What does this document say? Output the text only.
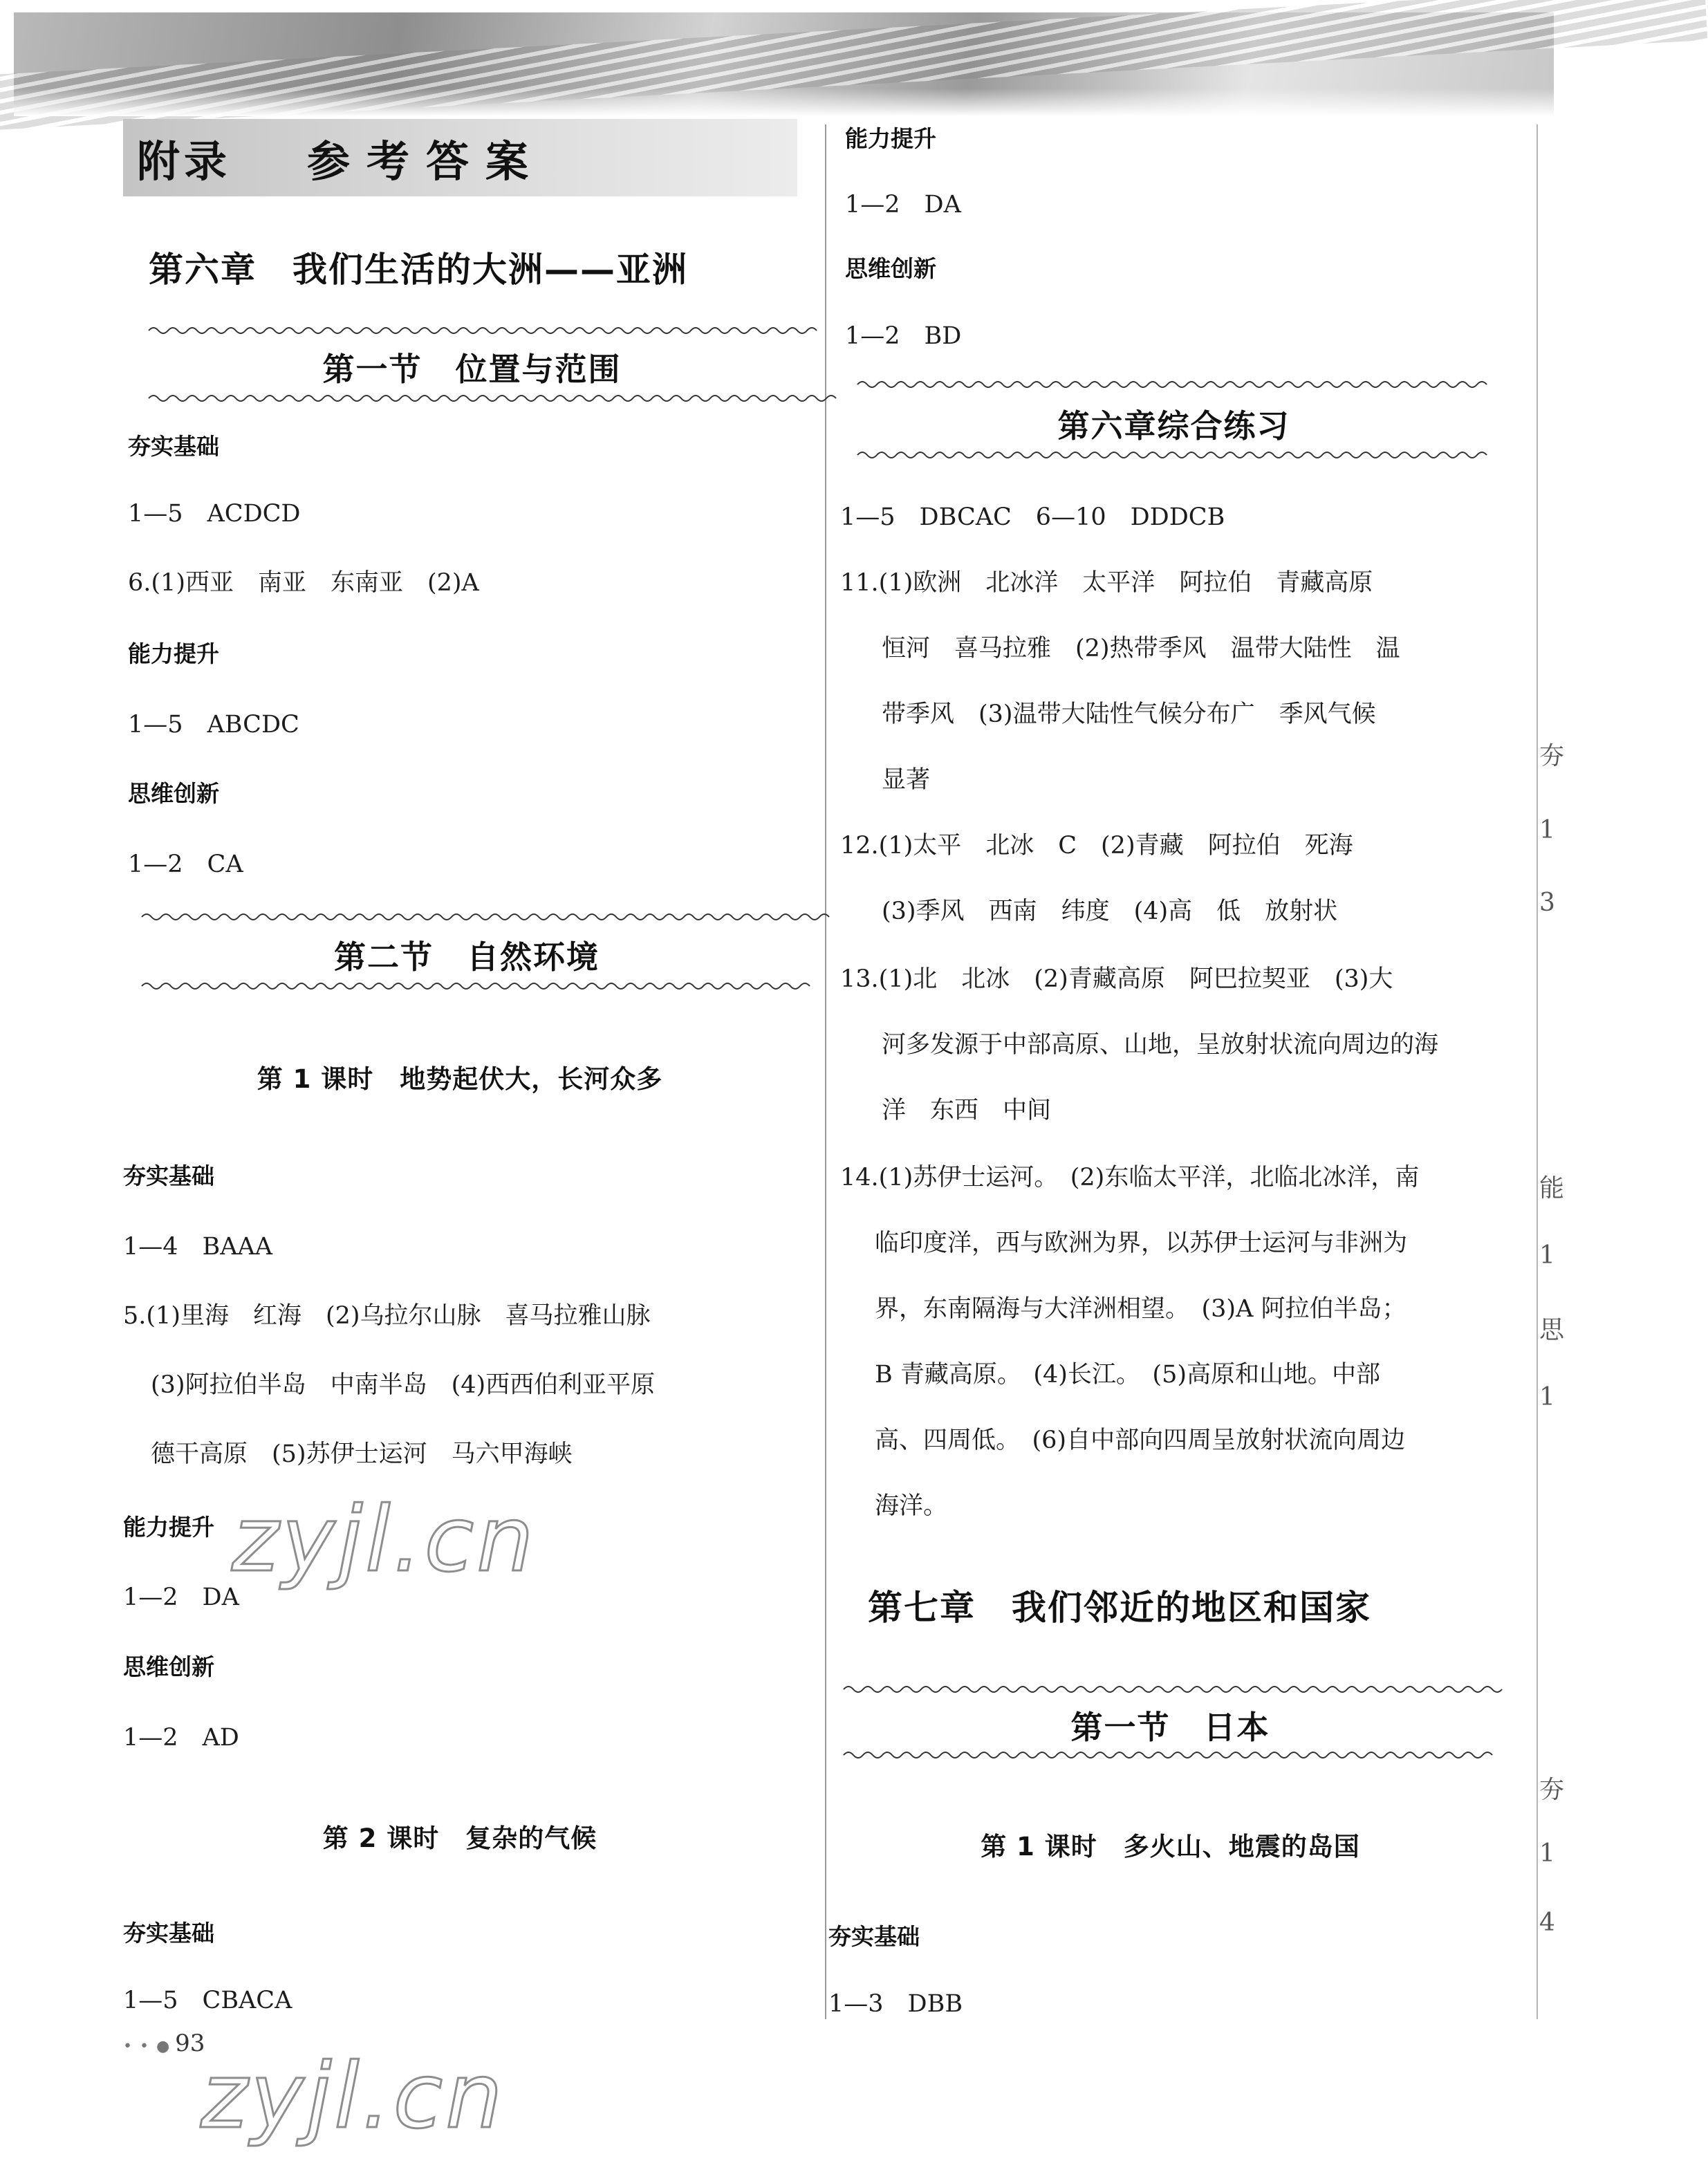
附录 参考答案
第六章　我们生活的大洲——亚洲
第一节　位置与范围
夯实基础
1—5　ACDCD
6.(1)西亚　南亚　东南亚　(2)A
能力提升
1—5　ABCDC
思维创新
1—2　CA
第二节　自然环境
第 1 课时　地势起伏大，长河众多
夯实基础
1—4　BAAA
5.(1)里海　红海　(2)乌拉尔山脉　喜马拉雅山脉
(3)阿拉伯半岛　中南半岛　(4)西西伯利亚平原
德干高原　(5)苏伊士运河　马六甲海峡
能力提升
1—2　DA
思维创新
1—2　AD
第 2 课时　复杂的气候
夯实基础
1—5　CBACA
• • ● 93
zyjl.cn
zyjl.cn
能力提升
1—2　DA
思维创新
1—2　BD
第六章综合练习
1—5　DBCAC　6—10　DDDCB
11.(1)欧洲　北冰洋　太平洋　阿拉伯　青藏高原
恒河　喜马拉雅　(2)热带季风　温带大陆性　温
带季风　(3)温带大陆性气候分布广　季风气候
显著
12.(1)太平　北冰　C　(2)青藏　阿拉伯　死海
(3)季风　西南　纬度　(4)高　低　放射状
13.(1)北　北冰　(2)青藏高原　阿巴拉契亚　(3)大
河多发源于中部高原、山地，呈放射状流向周边的海
洋　东西　中间
14.(1)苏伊士运河。　(2)东临太平洋，北临北冰洋，南
临印度洋，西与欧洲为界，以苏伊士运河与非洲为
界，东南隔海与大洋洲相望。　(3)A 阿拉伯半岛；
B 青藏高原。　(4)长江。　(5)高原和山地。中部
高、四周低。　(6)自中部向四周呈放射状流向周边
海洋。
第七章　我们邻近的地区和国家
第一节　日本
第 1 课时　多火山、地震的岛国
夯实基础
1—3　DBB
夯
1
3
能
1
思
1
夯
1
4
